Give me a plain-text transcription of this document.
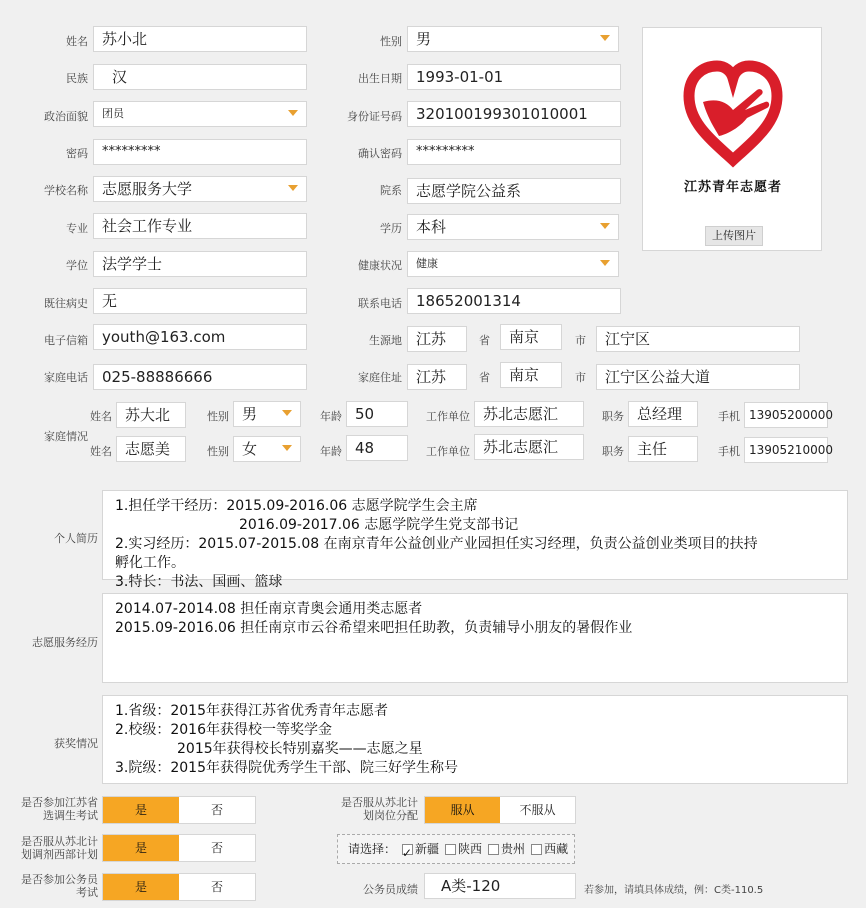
姓名 苏小北	性别 男
民族	汉	出生日期 1993-01-01
政治面貌	团员	身份证号码 320100199301010001
密码	*********	确认密码	*********
学校名称 志愿服务大学	院系 志愿学院公益系
专业 社会工作专业	学历 本科
学位 法学学士	健康状况	健康
既往病史 无	联系电话 18652001314
电子信箱 youth@163.com	生源地 江苏	省	南京	市	江宁区
家庭电话 025-88886666	家庭住址 江苏	省	南京	市	江宁区公益大道
江苏青年志愿者
上传图片
家庭情况
姓名 苏大北	性别 男	年龄 50	工作单位 苏北志愿汇	职务 总经理	手机 13905200000
姓名 志愿美	性别 女	年龄 48	工作单位 苏北志愿汇	职务 主任	手机 13905210000
个人简历
1.担任学干经历：2015.09-2016.06 志愿学院学生会主席
2016.09-2017.06 志愿学院学生党支部书记
2.实习经历：2015.07-2015.08 在南京青年公益创业产业园担任实习经理，负责公益创业类项目的扶持
孵化工作。
3.特长：书法、国画、篮球
志愿服务经历
2014.07-2014.08 担任南京青奥会通用类志愿者
2015.09-2016.06 担任南京市云谷希望来吧担任助教，负责辅导小朋友的暑假作业
获奖情况
1.省级：2015年获得江苏省优秀青年志愿者
2.校级：2016年获得校一等奖学金
2015年获得校长特别嘉奖——志愿之星
3.院级：2015年获得院优秀学生干部、院三好学生称号
是否参加江苏省
选调生考试	是	否
是否服从苏北计
划岗位分配	服从	不服从
是否服从苏北计
划调剂西部计划	是	否	请选择：✓ 新疆 陕西 贵州 西藏
是否参加公务员
考试	是	否	公务员成绩	A类-120	若参加，请填具体成绩，例：C类-110.5
